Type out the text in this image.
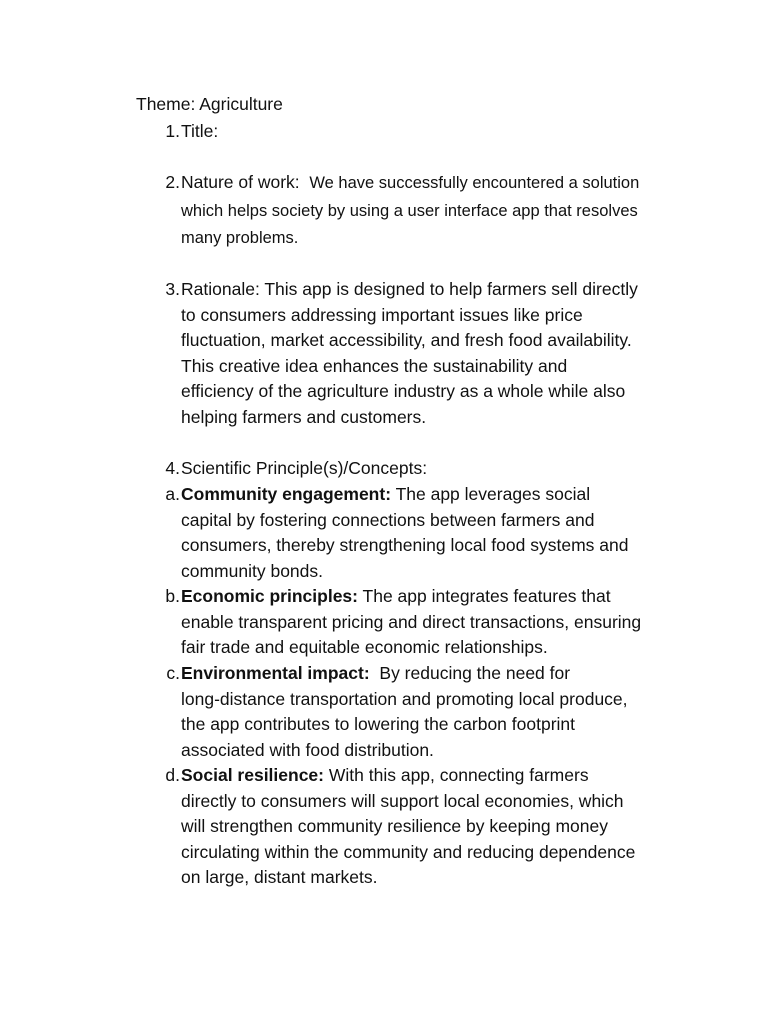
Theme: Agriculture
1. Title:
2. Nature of work: We have successfully encountered a solution
which helps society by using a user interface app that resolves
many problems.
3. Rationale: This app is designed to help farmers sell directly
to consumers addressing important issues like price
fluctuation, market accessibility, and fresh food availability.
This creative idea enhances the sustainability and
efficiency of the agriculture industry as a whole while also
helping farmers and customers.
4. Scientific Principle(s)/Concepts:
a. Community engagement: The app leverages social
capital by fostering connections between farmers and
consumers, thereby strengthening local food systems and
community bonds.
b. Economic principles: The app integrates features that
enable transparent pricing and direct transactions, ensuring
fair trade and equitable economic relationships.
c. Environmental impact: By reducing the need for
long-distance transportation and promoting local produce,
the app contributes to lowering the carbon footprint
associated with food distribution.
d. Social resilience: With this app, connecting farmers
directly to consumers will support local economies, which
will strengthen community resilience by keeping money
circulating within the community and reducing dependence
on large, distant markets.
